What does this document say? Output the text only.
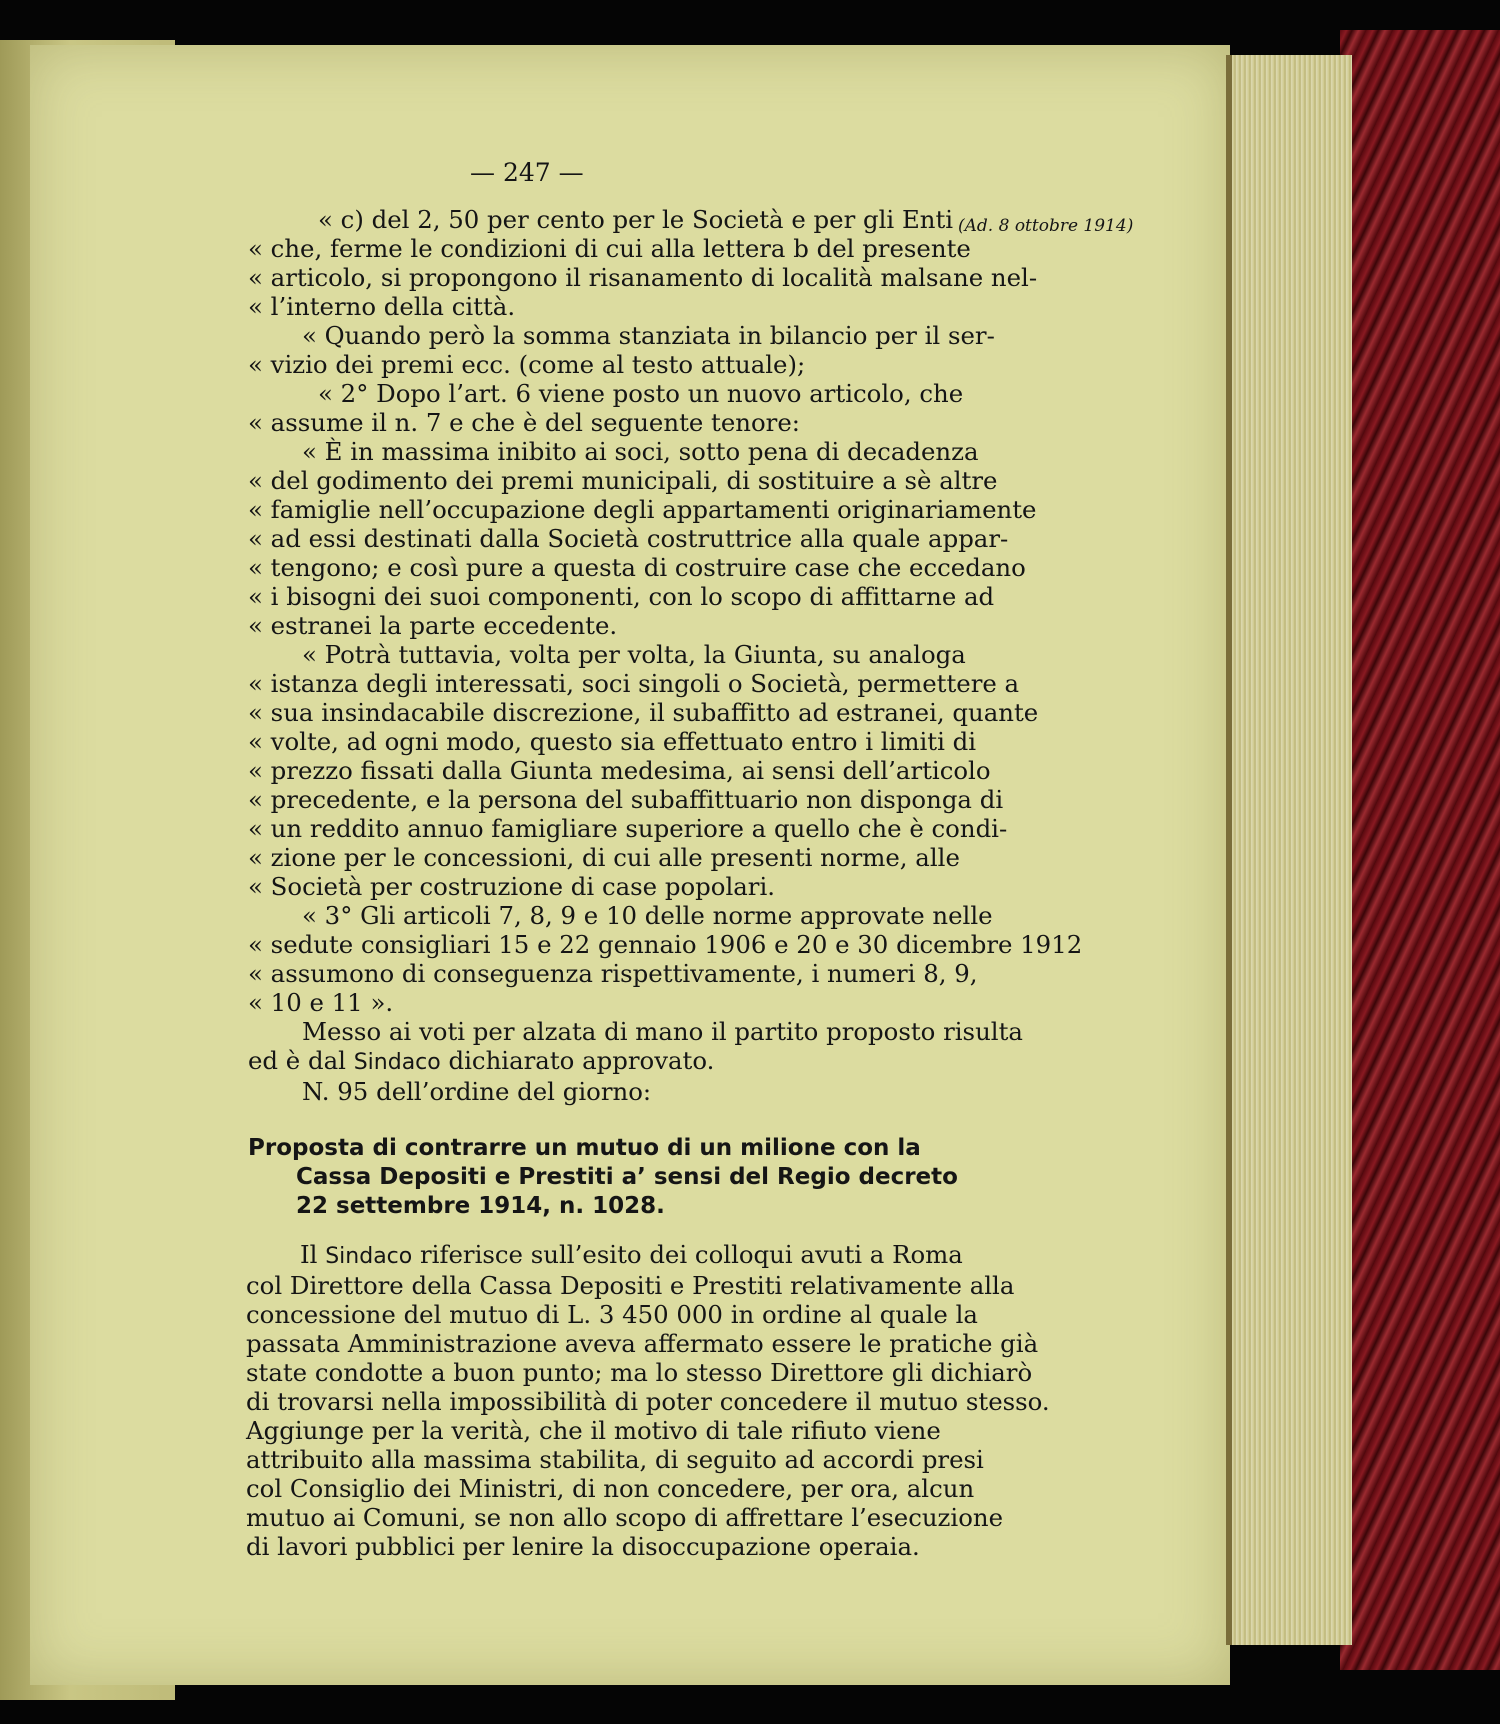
— 247 —
(Ad. 8 ottobre 1914)
« c) del 2, 50 per cento per le Società e per gli Enti
« che, ferme le condizioni di cui alla lettera b del presente
« articolo, si propongono il risanamento di località malsane nel-
« l’interno della città.
« Quando però la somma stanziata in bilancio per il ser-
« vizio dei premi ecc. (come al testo attuale);
« 2° Dopo l’art. 6 viene posto un nuovo articolo, che
« assume il n. 7 e che è del seguente tenore:
« È in massima inibito ai soci, sotto pena di decadenza
« del godimento dei premi municipali, di sostituire a sè altre
« famiglie nell’occupazione degli appartamenti originariamente
« ad essi destinati dalla Società costruttrice alla quale appar-
« tengono; e così pure a questa di costruire case che eccedano
« i bisogni dei suoi componenti, con lo scopo di affittarne ad
« estranei la parte eccedente.
« Potrà tuttavia, volta per volta, la Giunta, su analoga
« istanza degli interessati, soci singoli o Società, permettere a
« sua insindacabile discrezione, il subaffitto ad estranei, quante
« volte, ad ogni modo, questo sia effettuato entro i limiti di
« prezzo fissati dalla Giunta medesima, ai sensi dell’articolo
« precedente, e la persona del subaffittuario non disponga di
« un reddito annuo famigliare superiore a quello che è condi-
« zione per le concessioni, di cui alle presenti norme, alle
« Società per costruzione di case popolari.
« 3° Gli articoli 7, 8, 9 e 10 delle norme approvate nelle
« sedute consigliari 15 e 22 gennaio 1906 e 20 e 30 dicembre 1912
« assumono di conseguenza rispettivamente, i numeri 8, 9,
« 10 e 11 ».
Messo ai voti per alzata di mano il partito proposto risulta
ed è dal Sindaco dichiarato approvato.
N. 95 dell’ordine del giorno:
Proposta di contrarre un mutuo di un milione con la
Cassa Depositi e Prestiti a’ sensi del Regio decreto
22 settembre 1914, n. 1028.
Il Sindaco riferisce sull’esito dei colloqui avuti a Roma
col Direttore della Cassa Depositi e Prestiti relativamente alla
concessione del mutuo di L. 3 450 000 in ordine al quale la
passata Amministrazione aveva affermato essere le pratiche già
state condotte a buon punto; ma lo stesso Direttore gli dichiarò
di trovarsi nella impossibilità di poter concedere il mutuo stesso.
Aggiunge per la verità, che il motivo di tale rifiuto viene
attribuito alla massima stabilita, di seguito ad accordi presi
col Consiglio dei Ministri, di non concedere, per ora, alcun
mutuo ai Comuni, se non allo scopo di affrettare l’esecuzione
di lavori pubblici per lenire la disoccupazione operaia.
